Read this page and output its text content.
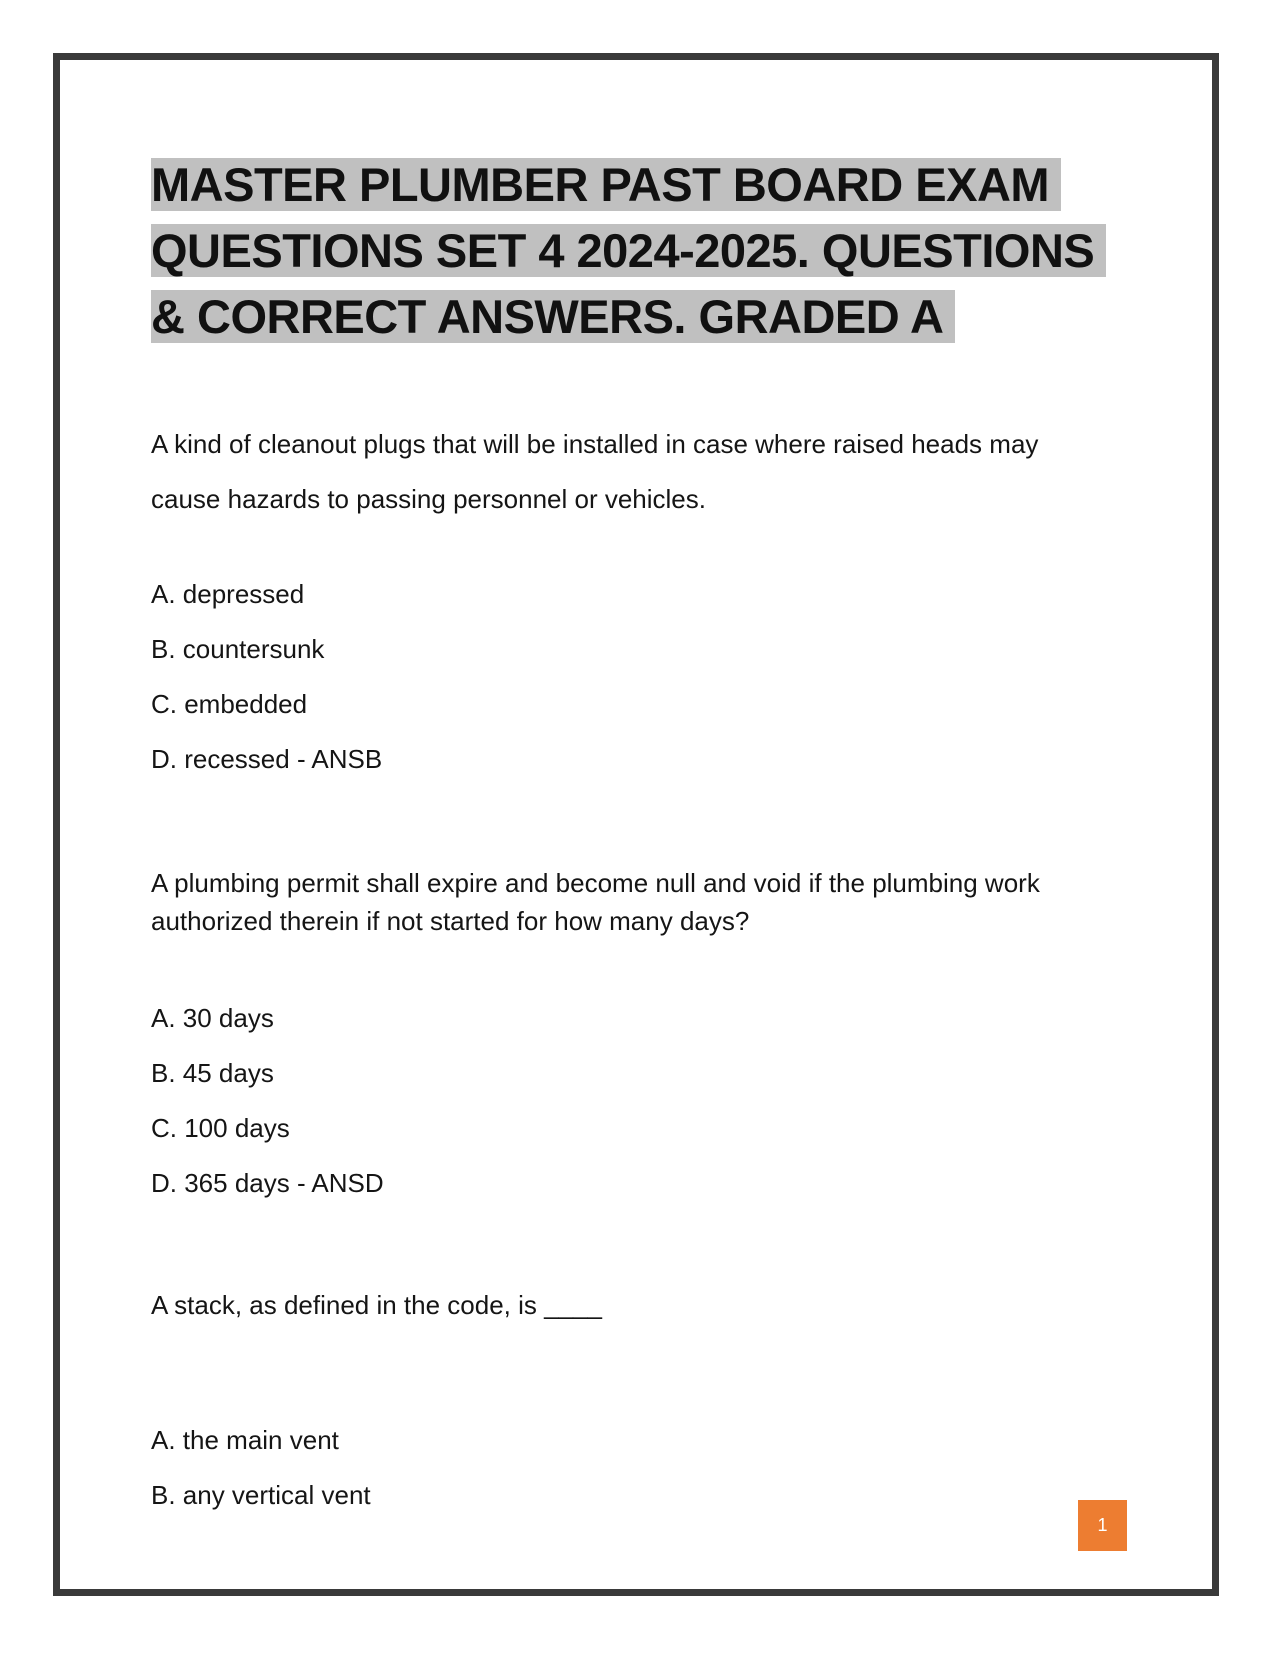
MASTER PLUMBER PAST BOARD EXAM
QUESTIONS SET 4 2024-2025. QUESTIONS
& CORRECT ANSWERS. GRADED A

A kind of cleanout plugs that will be installed in case where raised heads may cause hazards to passing personnel or vehicles.

A. depressed
B. countersunk
C. embedded
D. recessed - ANSB

A plumbing permit shall expire and become null and void if the plumbing work authorized therein if not started for how many days?

A. 30 days
B. 45 days
C. 100 days
D. 365 days - ANSD

A stack, as defined in the code, is ____

A. the main vent
B. any vertical vent
1
